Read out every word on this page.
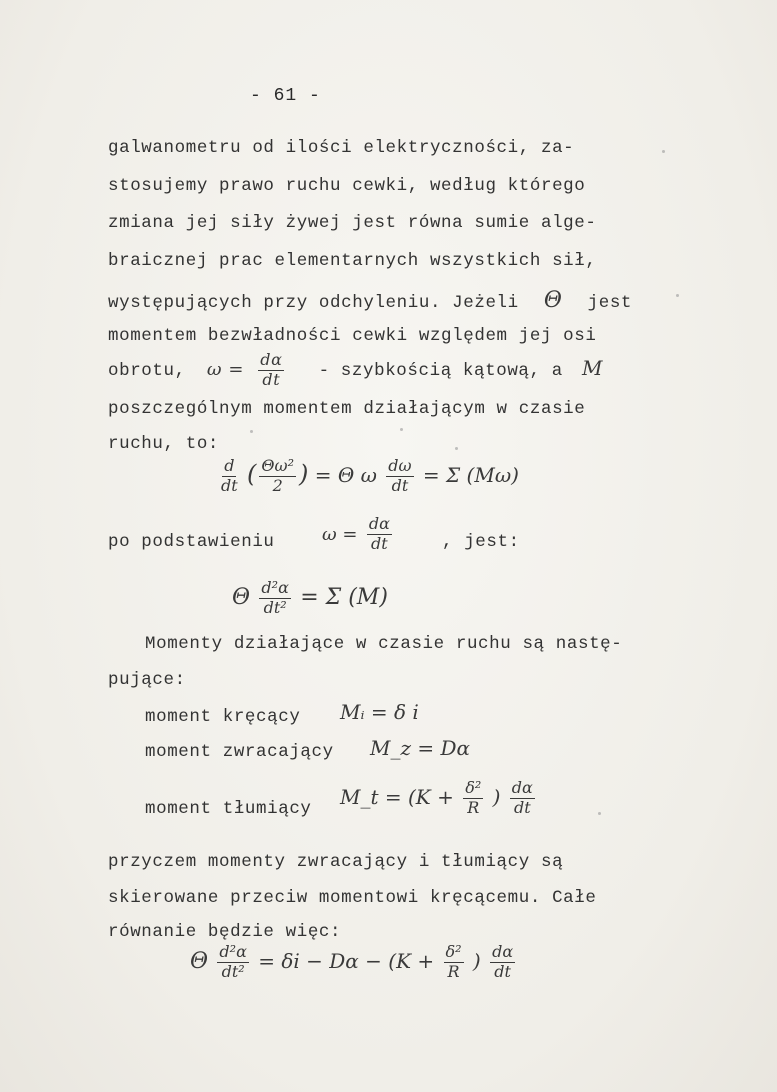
- 61 -
galwanometru od ilości elektryczności, za-
stosujemy prawo ruchu cewki, według którego
zmiana jej siły żywej jest równa sumie alge-
braicznej prac elementarnych wszystkich sił,
występujących przy odchyleniu. Jeżeli Θ jest
momentem bezwładności cewki względem jej osi
obrotu, $\omega = \frac{d\alpha}{dt}$ - szybkością kątową, a M
poszczególnym momentem działającym w czasie
ruchu, to:
$\frac{d}{dt}$ ( $\frac{\text{Θω²}}{2}$ ) = Θ ω $\frac{d\omega}{dt} = \Sigma$ (Mω)
po podstawieniu	$\omega = \frac{d\alpha}{dt}$	, jest:
Θ $\frac{\text{d²α}}{\text{dt²}} = \Sigma$ (M)
Momenty działające w czasie ruchu są nastę-
pujące:
moment kręcący Mᵢ = δ i
moment zwracający M_z = Dα
moment tłumiący
M_t = ($K + \frac{\text{δ²}}{R}$ ) $\frac{d\alpha}{dt}$
przyczem momenty zwracający i tłumiący są
skierowane przeciw momentowi kręcącemu. Całe
równanie będzie więc:
Θ $\frac{\text{d²α}}{\text{dt²}} = \delta i - D\alpha - (K + \frac{\text{δ²}}{R}$ ) $\frac{d\alpha}{dt}$
